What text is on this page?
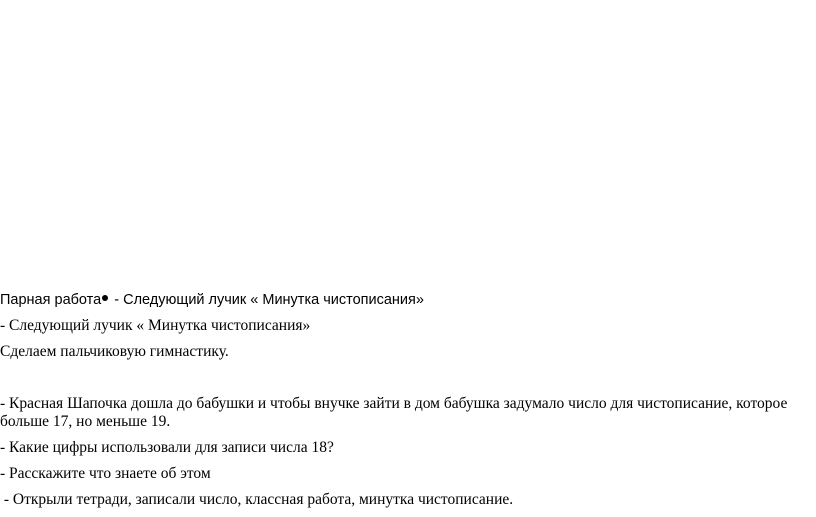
Парная работа - Следующий лучик « Минутка чистописания»
- Следующий лучик « Минутка чистописания»
Сделаем пальчиковую гимнастику.
- Красная Шапочка дошла до бабушки и чтобы внучке зайти в дом бабушка задумало число для чистописание, которое
больше 17, но меньше 19.
- Какие цифры использовали для записи числа 18?
- Расскажите что знаете об этом
- Открыли тетради, записали число, классная работа, минутка чистописание.
